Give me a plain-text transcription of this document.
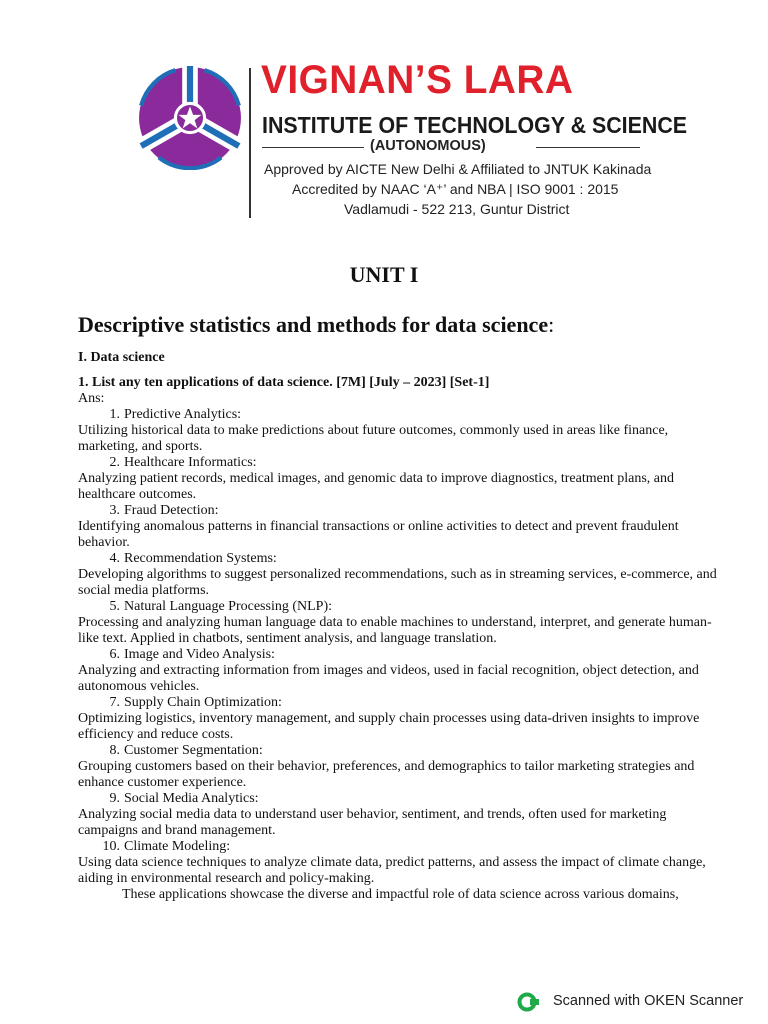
VIGNAN’S LARA
INSTITUTE OF TECHNOLOGY & SCIENCE
(AUTONOMOUS)
Approved by AICTE New Delhi & Affiliated to JNTUK Kakinada
Accredited by NAAC ‘A⁺’ and NBA | ISO 9001 : 2015
Vadlamudi - 522 213, Guntur District
UNIT I
Descriptive statistics and methods for data science:
I. Data science
1. List any ten applications of data science. [7M] [July – 2023] [Set-1]
Ans:
1. Predictive Analytics:
Utilizing historical data to make predictions about future outcomes, commonly used in areas like finance, marketing, and sports.
2. Healthcare Informatics:
Analyzing patient records, medical images, and genomic data to improve diagnostics, treatment plans, and healthcare outcomes.
3. Fraud Detection:
Identifying anomalous patterns in financial transactions or online activities to detect and prevent fraudulent behavior.
4. Recommendation Systems:
Developing algorithms to suggest personalized recommendations, such as in streaming services, e-commerce, and social media platforms.
5. Natural Language Processing (NLP):
Processing and analyzing human language data to enable machines to understand, interpret, and generate human-like text. Applied in chatbots, sentiment analysis, and language translation.
6. Image and Video Analysis:
Analyzing and extracting information from images and videos, used in facial recognition, object detection, and autonomous vehicles.
7. Supply Chain Optimization:
Optimizing logistics, inventory management, and supply chain processes using data-driven insights to improve efficiency and reduce costs.
8. Customer Segmentation:
Grouping customers based on their behavior, preferences, and demographics to tailor marketing strategies and enhance customer experience.
9. Social Media Analytics:
Analyzing social media data to understand user behavior, sentiment, and trends, often used for marketing campaigns and brand management.
10. Climate Modeling:
Using data science techniques to analyze climate data, predict patterns, and assess the impact of climate change, aiding in environmental research and policy-making.
These applications showcase the diverse and impactful role of data science across various domains,
Scanned with OKEN Scanner
